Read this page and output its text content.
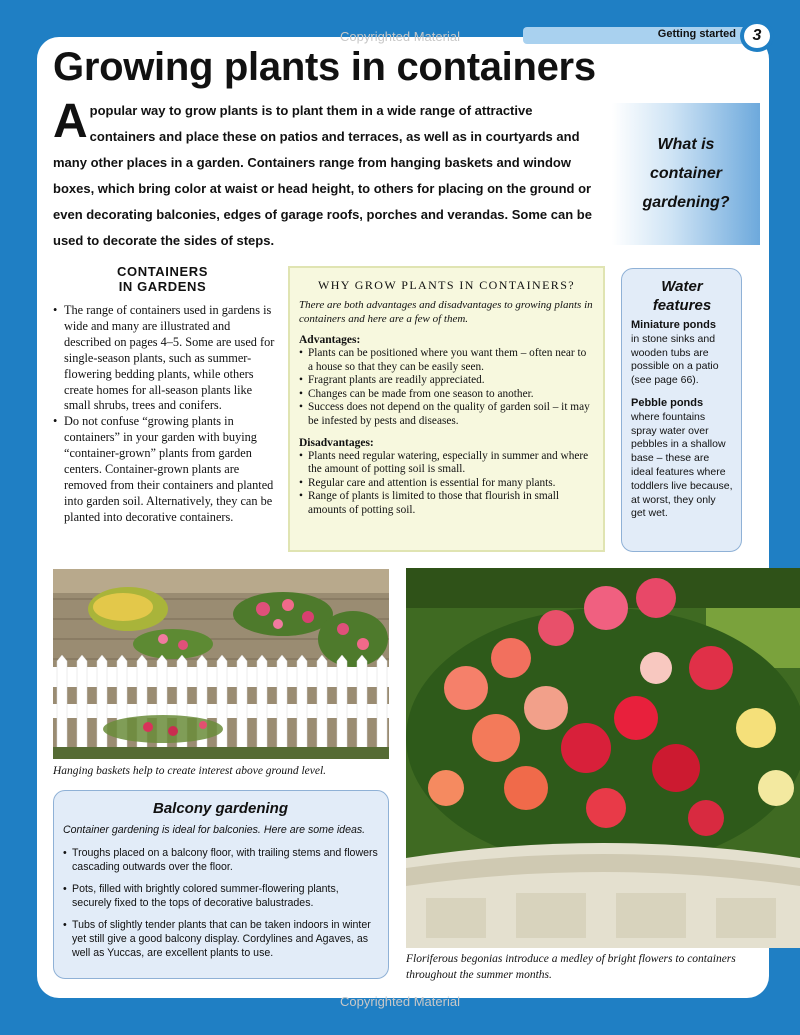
Copyrighted Material
Copyrighted Material
Getting started	3
Growing plants in containers
A popular way to grow plants is to plant them in a wide range of attractive containers and place these on patios and terraces, as well as in courtyards and many other places in a garden. Containers range from hanging baskets and window boxes, which bring color at waist or head height, to others for placing on the ground or even decorating balconies, edges of garage roofs, porches and verandas. Some can be used to decorate the sides of steps.
What is
container
gardening?
CONTAINERS
IN GARDENS
• The range of containers used in gardens is wide and many are illustrated and described on pages 4–5. Some are used for single-season plants, such as summer-flowering bedding plants, while others create homes for all-season plants like small shrubs, trees and conifers.
• Do not confuse “growing plants in containers” in your garden with buying “container-grown” plants from garden centers. Container-grown plants are removed from their containers and planted into garden soil. Alternatively, they can be planted into decorative containers.
WHY GROW PLANTS IN CONTAINERS?
There are both advantages and disadvantages to growing plants in containers and here are a few of them.
Advantages:
• Plants can be positioned where you want them – often near to a house so that they can be easily seen.
• Fragrant plants are readily appreciated.
• Changes can be made from one season to another.
• Success does not depend on the quality of garden soil – it may be infested by pests and diseases.
Disadvantages:
• Plants need regular watering, especially in summer and where the amount of potting soil is small.
• Regular care and attention is essential for many plants.
• Range of plants is limited to those that flourish in small amounts of potting soil.
Water
features
Miniature ponds
in stone sinks and wooden tubs are possible on a patio (see page 66).
Pebble ponds
where fountains spray water over pebbles in a shallow base – these are ideal features where toddlers live because, at worst, they only get wet.
Hanging baskets help to create interest above ground level.
Floriferous begonias introduce a medley of bright flowers to containers throughout the summer months.
Balcony gardening
Container gardening is ideal for balconies. Here are some ideas.
• Troughs placed on a balcony floor, with trailing stems and flowers cascading outwards over the floor.
• Pots, filled with brightly colored summer-flowering plants, securely fixed to the tops of decorative balustrades.
• Tubs of slightly tender plants that can be taken indoors in winter yet still give a good balcony display. Cordylines and Agaves, as well as Yuccas, are excellent plants to use.
